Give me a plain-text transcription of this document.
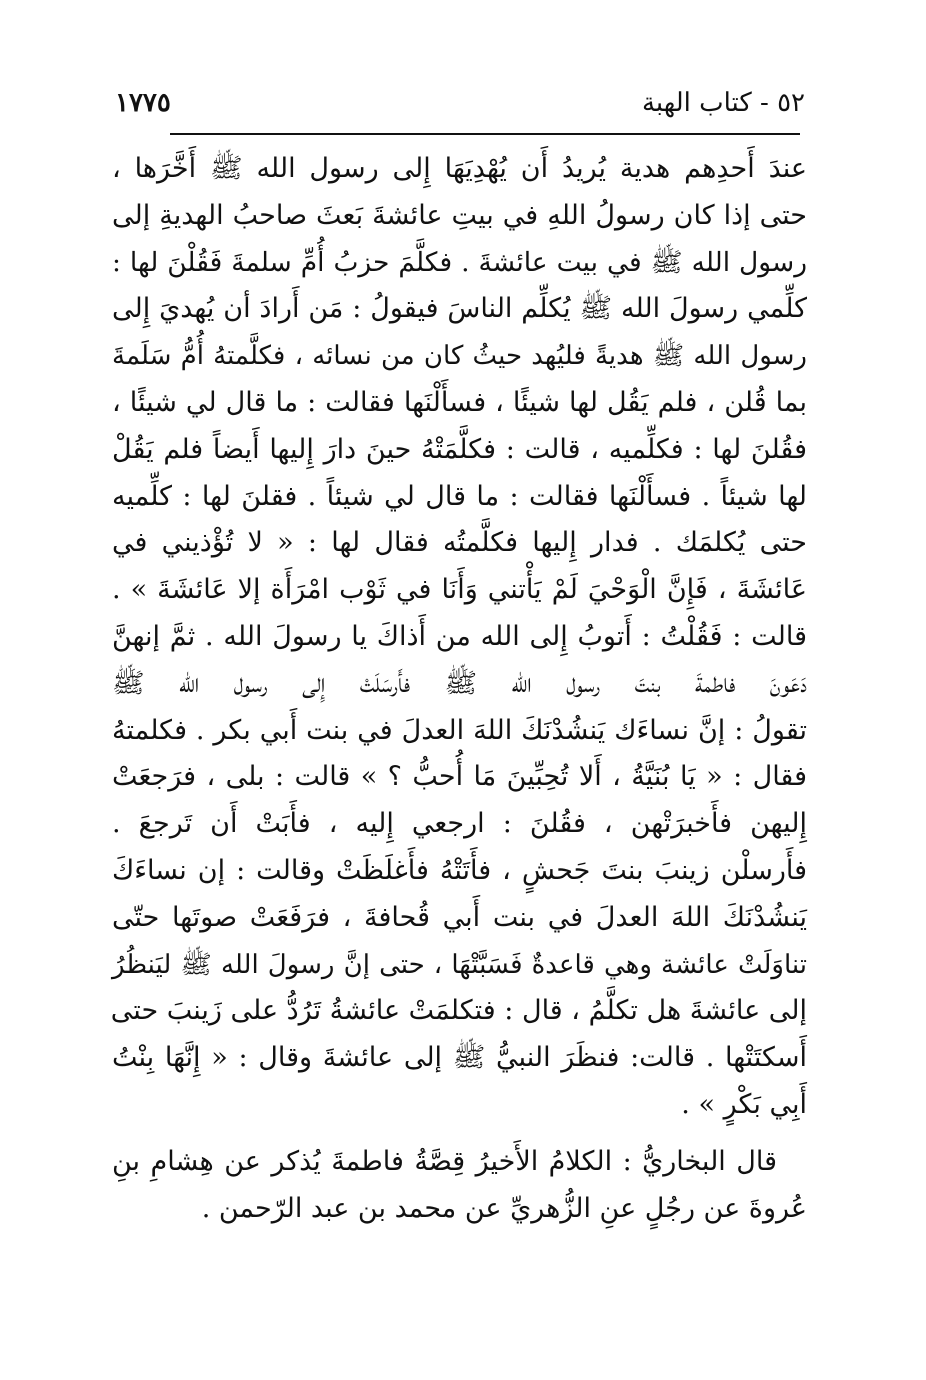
٥٢ - كتاب الهبة
١٧٧٥
عندَ أَحدِهم هدية يُريدُ أَن يُهْدِيَهَا إِلى رسول الله ﷺ أَخَّرَها ،
حتى إذا كان رسولُ اللهِ في بيتِ عائشةَ بَعثَ صاحبُ الهديةِ إلى
رسول الله ﷺ في بيت عائشةَ . فكلَّمَ حزبُ أُمِّ سلمةَ فَقُلْنَ لها :
كلِّمي رسولَ الله ﷺ يُكلِّم الناسَ فيقولُ : مَن أَرادَ أن يُهديَ إِلى
رسول الله ﷺ هديةً فليُهد حيثُ كان من نسائه ، فكلَّمتهُ أُمُّ سَلَمةَ
بما قُلن ، فلم يَقُل لها شيئًا ، فسأَلْنَها فقالت : ما قال لي شيئًا ،
فقُلنَ لها : فكلِّميه ، قالت : فكلَّمَتْهُ حينَ دارَ إِليها أَيضاً فلم يَقُلْ
لها شيئاً . فسأَلْنَها فقالت : ما قال لي شيئاً . فقلنَ لها : كلِّميه
حتى يُكلمَك . فدار إِليها فكلَّمتُه فقال لها : « لا تُؤْذيني في
عَائشَةَ ، فَإِنَّ الْوَحْيَ لَمْ يَأْتني وَأَنَا في ثَوْب امْرَأَة إلا عَائشَةَ » .
قالت : فَقُلْتُ : أَتوبُ إِلى الله من أَذاكَ يا رسولَ الله . ثمَّ إنهنَّ
دَعَونَ فاطمةَ بنتَ رسول الله ﷺ فأَرسَلَتْ إِلى رسول الله ﷺ
تقولُ : إنَّ نساءَك يَنشُدْنَكَ اللهَ العدلَ في بنت أَبي بكر . فكلمتهُ
فقال : « يَا بُنَيَّةُ ، أَلا تُحِبِّينَ مَا أُحبُّ ؟ » قالت : بلى ، فرَجعَتْ
إِليهن فأَخبرَتْهن ، فقُلنَ : ارجعي إِليه ، فأَبَتْ أَن تَرجعَ .
فأَرسلْن زينبَ بنتَ جَحشٍ ، فأَتَتْهُ فأَغلَظَتْ وقالت : إن نساءَكَ
يَنشُدْنَكَ اللهَ العدلَ في بنت أَبي قُحافةَ ، فرَفَعَتْ صوتَها حتّى
تناوَلَتْ عائشة وهي قاعدةٌ فَسَبَّتْهَا ، حتى إنَّ رسولَ الله ﷺ ليَنظُرُ
إلى عائشةَ هل تكلَّمُ ، قال : فتكلمَتْ عائشةُ تَرُدُّ على زَينبَ حتى
أَسكتَتْها . قالت: فنظَرَ النبيُّ ﷺ إلى عائشةَ وقال : « إِنَّهَا بِنْتُ
أَبِي بَكْرٍ » .
قال البخاريُّ : الكلامُ الأَخيرُ قِصَّةُ فاطمةَ يُذكر عن هِشامِ بنِ
عُروةَ عن رجُلٍ عنِ الزُّهريِّ عن محمد بن عبد الرّحمن .
